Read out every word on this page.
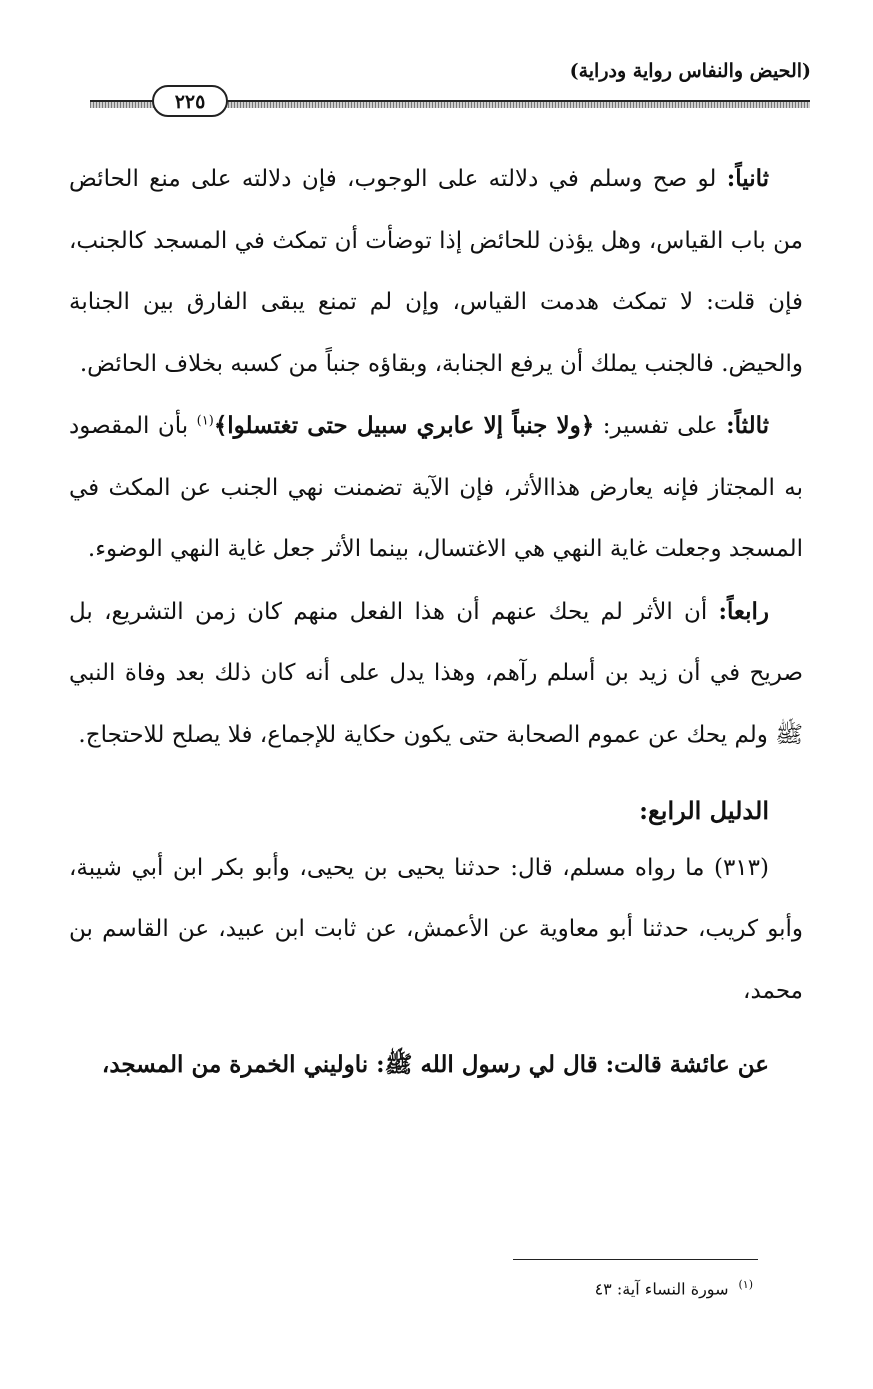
(الحيض والنفاس رواية ودراية)
٢٢٥

ثانياً: لو صح وسلم في دلالته على الوجوب، فإن دلالته على منع الحائض من باب القياس، وهل يؤذن للحائض إذا توضأت أن تمكث في المسجد كالجنب، فإن قلت: لا تمكث هدمت القياس، وإن لم تمنع يبقى الفارق بين الجنابة والحيض. فالجنب يملك أن يرفع الجنابة، وبقاؤه جنباً من كسبه بخلاف الحائض.

ثالثاً: على تفسير: ﴿ولا جنباً إلا عابري سبيل حتى تغتسلوا﴾$^{(١)}$ بأن المقصود به المجتاز فإنه يعارض هذاالأثر، فإن الآية تضمنت نهي الجنب عن المكث في المسجد وجعلت غاية النهي هي الاغتسال، بينما الأثر جعل غاية النهي الوضوء.

رابعاً: أن الأثر لم يحك عنهم أن هذا الفعل منهم كان زمن التشريع، بل صريح في أن زيد بن أسلم رآهم، وهذا يدل على أنه كان ذلك بعد وفاة النبي ﷺ ولم يحك عن عموم الصحابة حتى يكون حكاية للإجماع، فلا يصلح للاحتجاج.

الدليل الرابع:

(٣١٣) ما رواه مسلم، قال: حدثنا يحيى بن يحيى، وأبو بكر ابن أبي شيبة، وأبو كريب، حدثنا أبو معاوية عن الأعمش، عن ثابت ابن عبيد، عن القاسم بن محمد،

عن عائشة قالت: قال لي رسول الله ﷺ: ناوليني الخمرة من المسجد،

$^{(١)}$سورة النساء آية: ٤٣
